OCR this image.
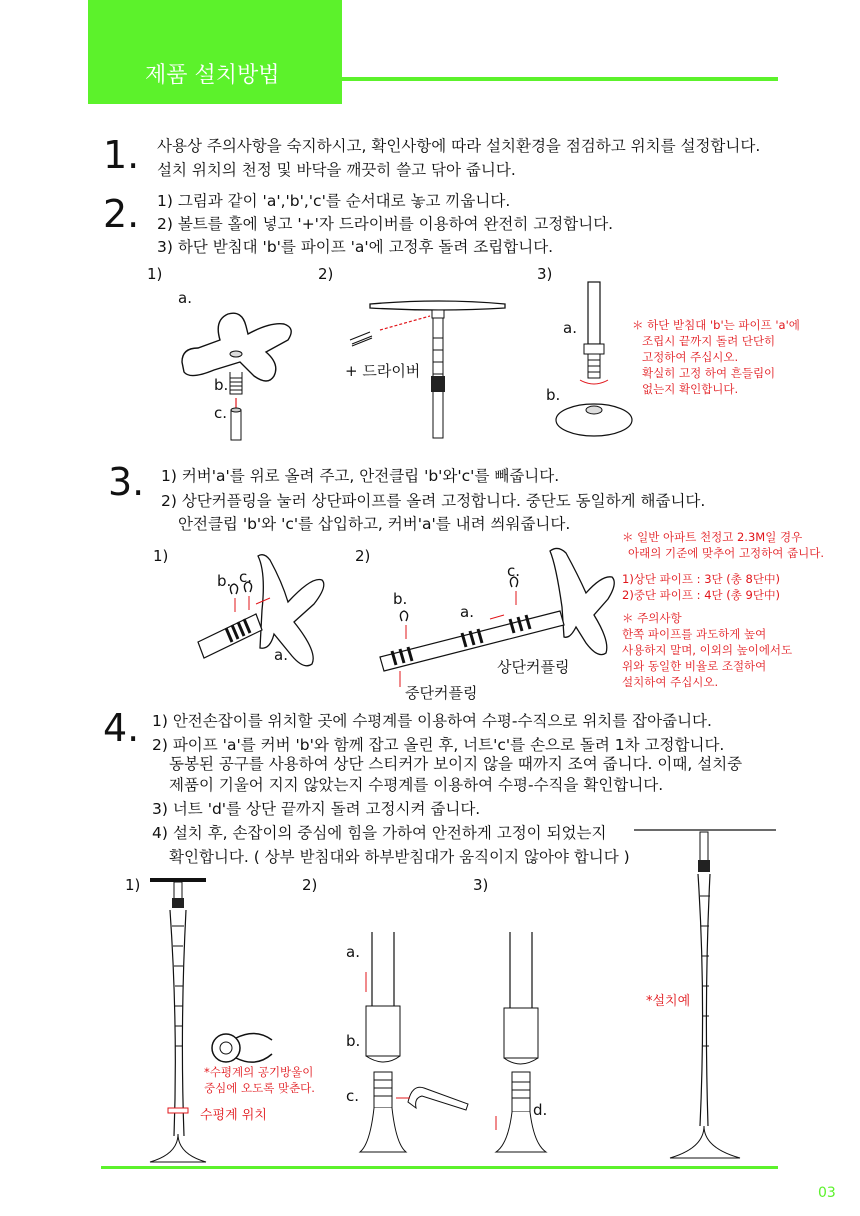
제품 설치방법
1. 사용상 주의사항을 숙지하시고, 확인사항에 따라 설치환경을 점검하고 위치를 설정합니다.
설치 위치의 천정 및 바닥을 깨끗히 쓸고 닦아 줍니다.
2. 1) 그림과 같이 'a','b','c'를 순서대로 놓고 끼웁니다.
2) 볼트를 홀에 넣고 '+'자 드라이버를 이용하여 완전히 고정합니다.
3) 하단 받침대 'b'를 파이프 'a'에 고정후 돌려 조립합니다.
1)	2)	3)
a.
b.
c.
+ 드라이버
a.
b.
＊ 하단 받침대 'b'는 파이프 'a'에
조립시 끝까지 돌려 단단히
고정하여 주십시오.
확실히 고정 하여 흔들림이
없는지 확인합니다.
3. 1) 커버'a'를 위로 올려 주고, 안전클립 'b'와'c'를 빼줍니다.
2) 상단커플링을 눌러 상단파이프를 올려 고정합니다. 중단도 동일하게 해줍니다.
안전클립 'b'와 'c'를 삽입하고, 커버'a'를 내려 씌워줍니다.
1)	2)
b. c.
a.
b.
c.
a.
상단커플링
중단커플링
＊ 일반 아파트 천정고 2.3M일 경우
아래의 기준에 맞추어 고정하여 줍니다.
1)상단 파이프 : 3단 (총 8단中)
2)중단 파이프 : 4단 (총 9단中)
＊ 주의사항
한쪽 파이프를 과도하게 높여
사용하지 말며, 이외의 높이에서도
위와 동일한 비율로 조절하여
설치하여 주십시오.
4. 1) 안전손잡이를 위치할 곳에 수평계를 이용하여 수평-수직으로 위치를 잡아줍니다.
2) 파이프 'a'를 커버 'b'와 함께 잡고 올린 후, 너트'c'를 손으로 돌려 1차 고정합니다.
동봉된 공구를 사용하여 상단 스티커가 보이지 않을 때까지 조여 줍니다. 이때, 설치중
제품이 기울어 지지 않았는지 수평계를 이용하여 수평-수직을 확인합니다.
3) 너트 'd'를 상단 끝까지 돌려 고정시켜 줍니다.
4) 설치 후, 손잡이의 중심에 힘을 가하여 안전하게 고정이 되었는지
확인합니다. ( 상부 받침대와 하부받침대가 움직이지 않아야 합니다 )
1)	2)	3)
수평계 위치
*수평계의 공기방울이
중심에 오도록 맞춘다.
a.
b.
c.
d.
*설치예
03
